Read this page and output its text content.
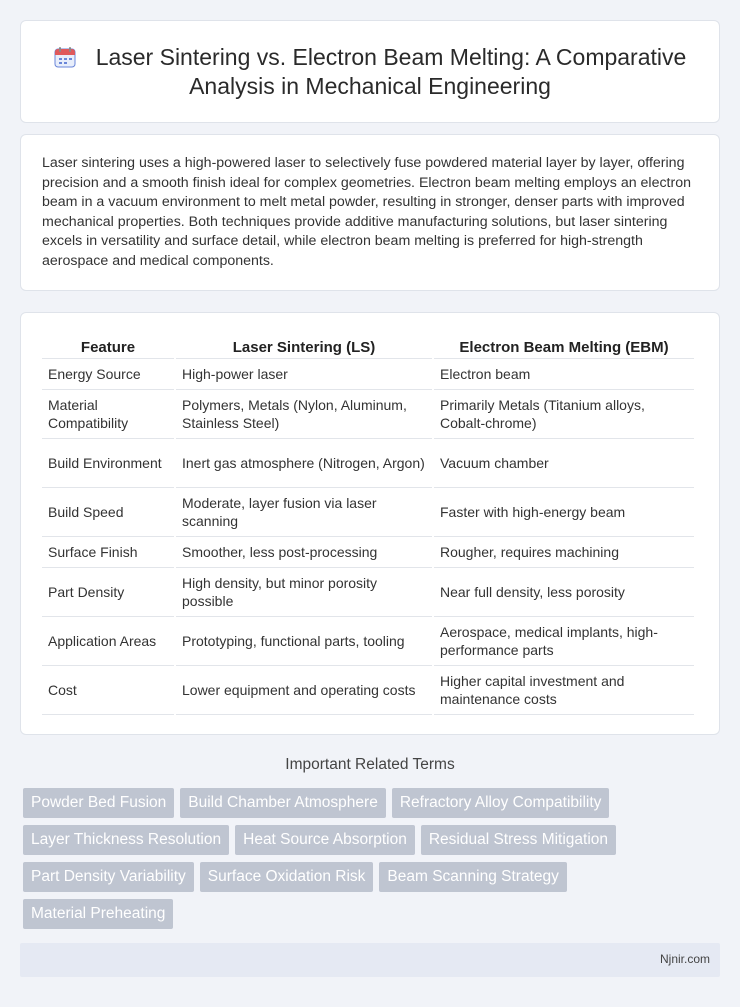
Laser Sintering vs. Electron Beam Melting: A Comparative Analysis in Mechanical Engineering

Laser sintering uses a high-powered laser to selectively fuse powdered material layer by layer, offering precision and a smooth finish ideal for complex geometries. Electron beam melting employs an electron beam in a vacuum environment to melt metal powder, resulting in stronger, denser parts with improved mechanical properties. Both techniques provide additive manufacturing solutions, but laser sintering excels in versatility and surface detail, while electron beam melting is preferred for high-strength aerospace and medical components.

Feature	Laser Sintering (LS)	Electron Beam Melting (EBM)
Energy Source	High-power laser	Electron beam
Material Compatibility	Polymers, Metals (Nylon, Aluminum, Stainless Steel)	Primarily Metals (Titanium alloys, Cobalt-chrome)
Build Environment	Inert gas atmosphere (Nitrogen, Argon)	Vacuum chamber
Build Speed	Moderate, layer fusion via laser scanning	Faster with high-energy beam
Surface Finish	Smoother, less post-processing	Rougher, requires machining
Part Density	High density, but minor porosity possible	Near full density, less porosity
Application Areas	Prototyping, functional parts, tooling	Aerospace, medical implants, high-performance parts
Cost	Lower equipment and operating costs	Higher capital investment and maintenance costs
Important Related Terms
Powder Bed Fusion	Build Chamber Atmosphere	Refractory Alloy Compatibility
Layer Thickness Resolution	Heat Source Absorption	Residual Stress Mitigation
Part Density Variability	Surface Oxidation Risk	Beam Scanning Strategy
Material Preheating
Njnir.com
